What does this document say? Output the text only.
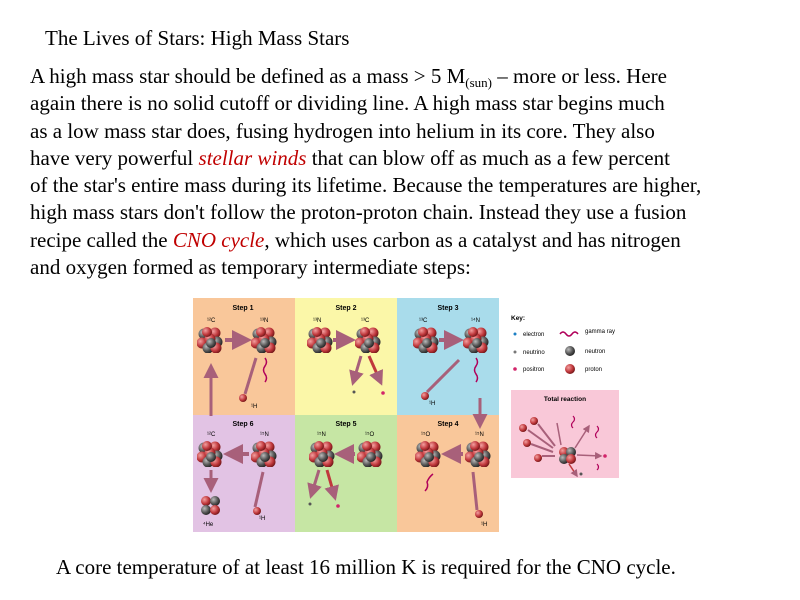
The Lives of Stars: High Mass Stars
A high mass star should be defined as a mass > 5 $M_{(sun)}$ – more or less. Here
again there is no solid cutoff or dividing line. A high mass star begins much
as a low mass star does, fusing hydrogen into helium in its core. They also
have very powerful stellar winds that can blow off as much as a few percent
of the star's entire mass during its lifetime. Because the temperatures are higher,
high mass stars don't follow the proton-proton chain. Instead they use a fusion
recipe called the CNO cycle, which uses carbon as a catalyst and has nitrogen
and oxygen formed as temporary intermediate steps:
Step 1
¹²C	¹³N
¹H
Step 2
¹³N	¹³C
Step 3
¹³C	¹⁴N
¹H
Step 6
¹²C	¹⁵N
¹H
⁴He
Step 5
¹⁵N	¹⁵O
Step 4
¹⁵O	¹⁵N
¹H
Key:
electron	gamma ray
neutrino	neutron
positron	proton
Total reaction
A core temperature of at least 16 million K is required for the CNO cycle.
